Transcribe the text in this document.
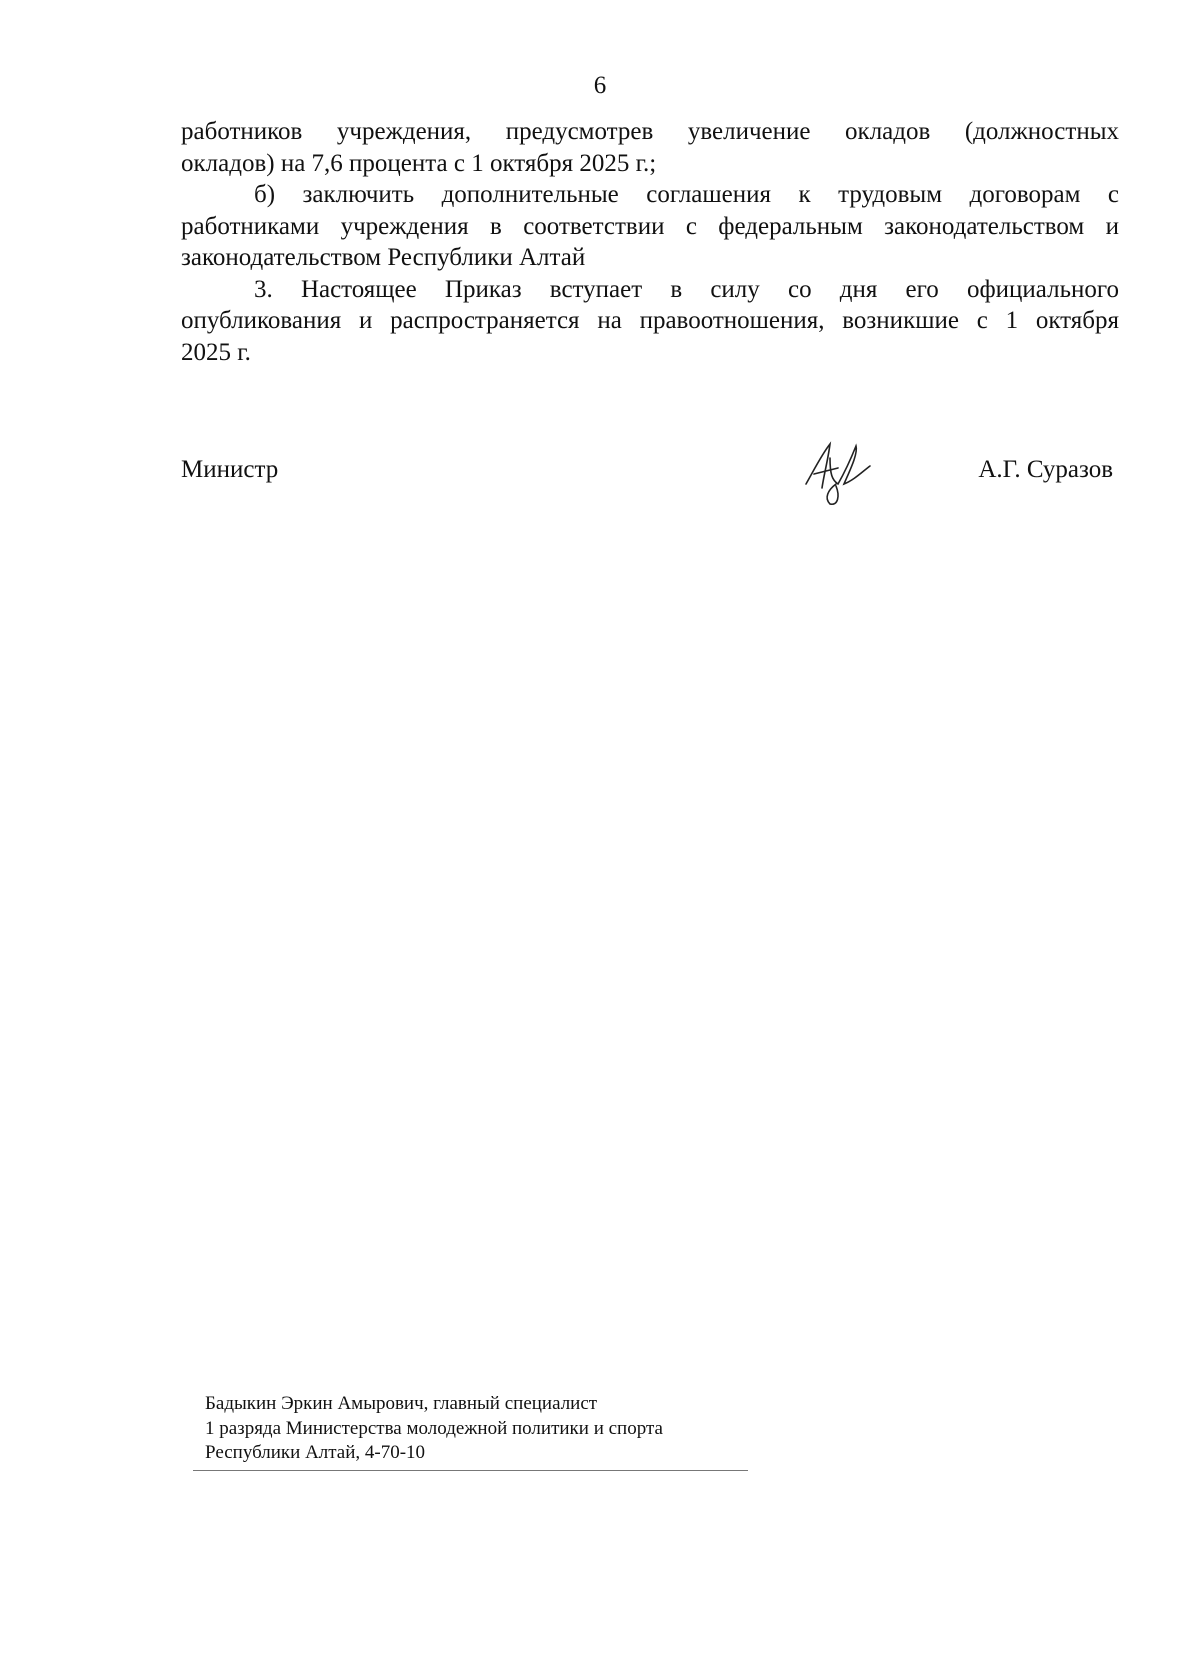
6
работников учреждения, предусмотрев увеличение окладов (должностных
окладов) на 7,6 процента с 1 октября 2025 г.;
б) заключить дополнительные соглашения к трудовым договорам с
работниками учреждения в соответствии с федеральным законодательством и
законодательством Республики Алтай
3. Настоящее Приказ вступает в силу со дня его официального
опубликования и распространяется на правоотношения, возникшие с 1 октября
2025 г.
Министр	А.Г. Суразов
Бадыкин Эркин Амырович, главный специалист
1 разряда Министерства молодежной политики и спорта
Республики Алтай, 4-70-10
